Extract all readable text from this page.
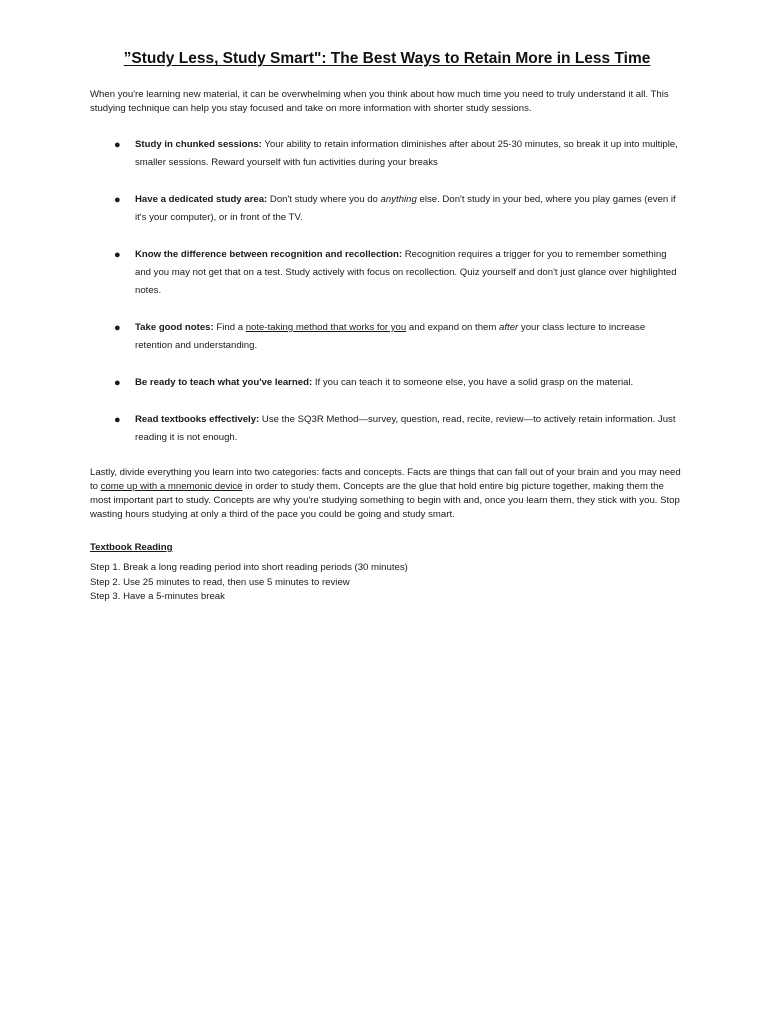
”Study Less, Study Smart": The Best Ways to Retain More in Less Time

When you're learning new material, it can be overwhelming when you think about how much time you need to truly understand it all. This studying technique can help you stay focused and take on more information with shorter study sessions.

● Study in chunked sessions: Your ability to retain information diminishes after about 25-30 minutes, so break it up into multiple, smaller sessions. Reward yourself with fun activities during your breaks
● Have a dedicated study area: Don't study where you do anything else. Don't study in your bed, where you play games (even if it's your computer), or in front of the TV.
● Know the difference between recognition and recollection: Recognition requires a trigger for you to remember something and you may not get that on a test. Study actively with focus on recollection. Quiz yourself and don't just glance over highlighted notes.
● Take good notes: Find a note-taking method that works for you and expand on them after your class lecture to increase retention and understanding.
● Be ready to teach what you've learned: If you can teach it to someone else, you have a solid grasp on the material.
● Read textbooks effectively: Use the SQ3R Method—survey, question, read, recite, review—to actively retain information. Just reading it is not enough.

Lastly, divide everything you learn into two categories: facts and concepts. Facts are things that can fall out of your brain and you may need to come up with a mnemonic device in order to study them. Concepts are the glue that hold entire big picture together, making them the most important part to study. Concepts are why you're studying something to begin with and, once you learn them, they stick with you. Stop wasting hours studying at only a third of the pace you could be going and study smart.

Textbook Reading

Step 1. Break a long reading period into short reading periods (30 minutes)

Step 2. Use 25 minutes to read, then use 5 minutes to review

Step 3. Have a 5-minutes break
